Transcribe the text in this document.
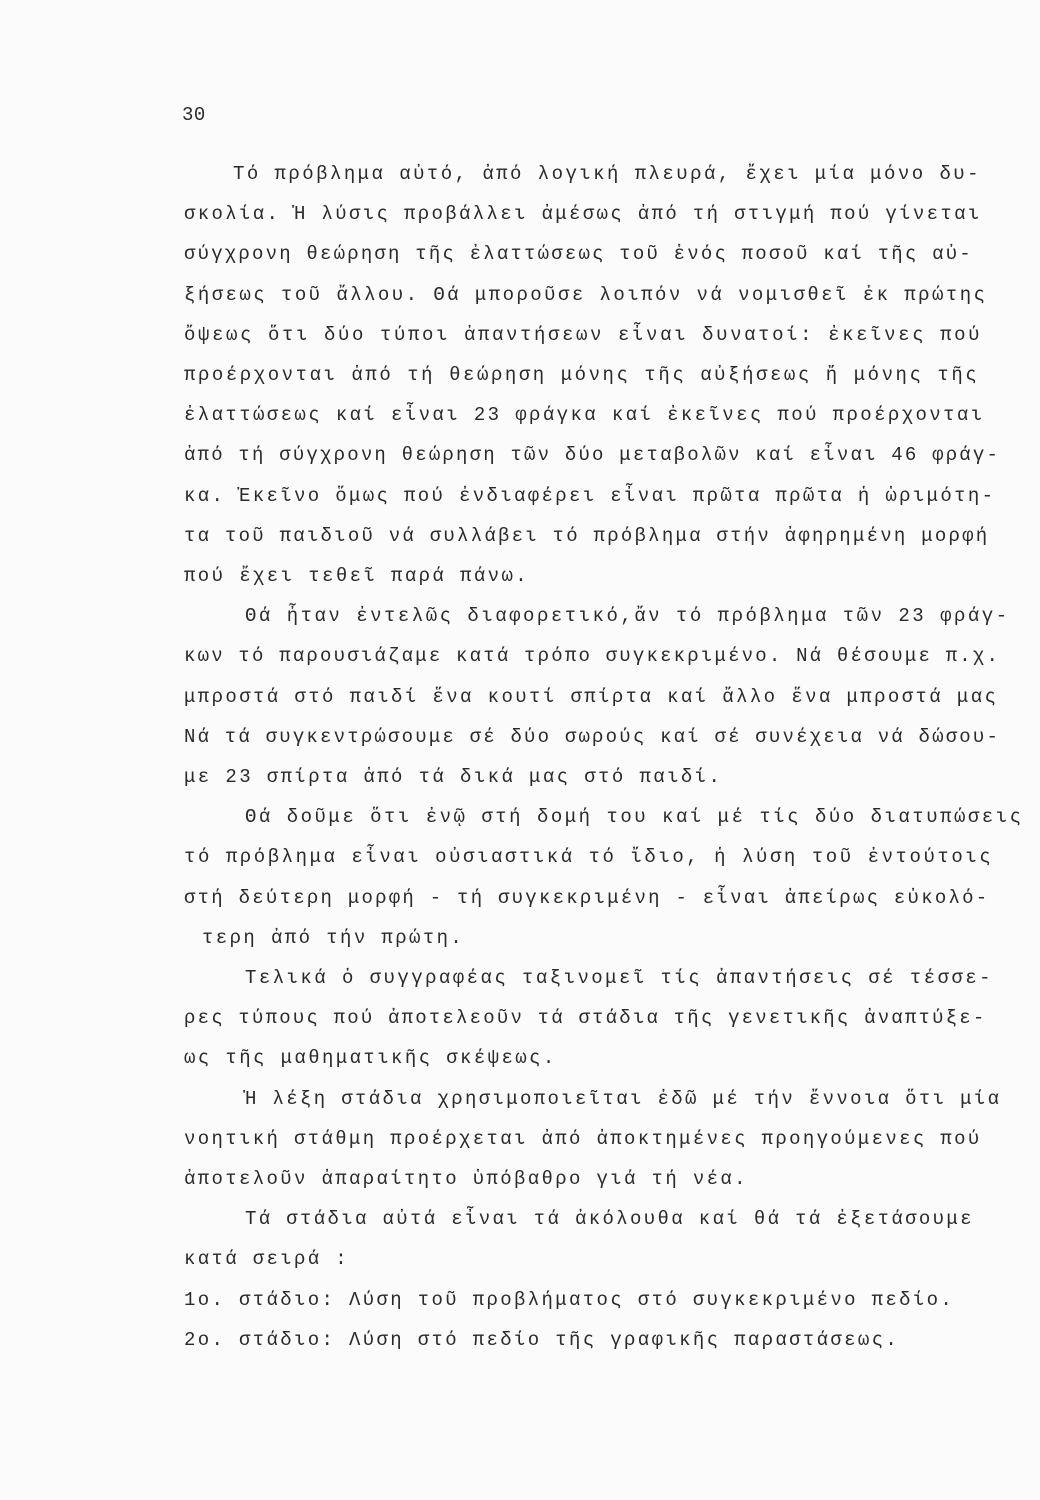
30
Τό πρόβλημα αὐτό, ἀπό λογική πλευρά, ἔχει μία μόνο δυ-
σκολία. Ἡ λύσις προβάλλει ἀμέσως ἀπό τή στιγμή πού γίνεται
σύγχρονη θεώρηση τῆς ἐλαττώσεως τοῦ ἑνός ποσοῦ καί τῆς αὐ-
ξήσεως τοῦ ἄλλου. Θά μποροῦσε λοιπόν νά νομισθεῖ ἐκ πρώτης
ὄψεως ὅτι δύο τύποι ἀπαντήσεων εἶναι δυνατοί: ἐκεῖνες πού
προέρχονται ἀπό τή θεώρηση μόνης τῆς αὐξήσεως ἤ μόνης τῆς
ἐλαττώσεως καί εἶναι 23 φράγκα καί ἐκεῖνες πού προέρχονται
ἀπό τή σύγχρονη θεώρηση τῶν δύο μεταβολῶν καί εἶναι 46 φράγ-
κα. Ἐκεῖνο ὅμως πού ἐνδιαφέρει εἶναι πρῶτα πρῶτα ἡ ὡριμότη-
τα τοῦ παιδιοῦ νά συλλάβει τό πρόβλημα στήν ἀφηρημένη μορφή
πού ἔχει τεθεῖ παρά πάνω.
Θά ἦταν ἐντελῶς διαφορετικό,ἄν τό πρόβλημα τῶν 23 φράγ-
κων τό παρουσιάζαμε κατά τρόπο συγκεκριμένο. Νά θέσουμε π.χ.
μπροστά στό παιδί ἕνα κουτί σπίρτα καί ἄλλο ἕνα μπροστά μας
Νά τά συγκεντρώσουμε σέ δύο σωρούς καί σέ συνέχεια νά δώσου-
με 23 σπίρτα ἀπό τά δικά μας στό παιδί.
Θά δοῦμε ὅτι ἐνῷ στή δομή του καί μέ τίς δύο διατυπώσεις
τό πρόβλημα εἶναι οὐσιαστικά τό ἴδιο, ἡ λύση τοῦ ἐντούτοις
στή δεύτερη μορφή - τή συγκεκριμένη - εἶναι ἀπείρως εὐκολό-
τερη ἀπό τήν πρώτη.
Τελικά ὁ συγγραφέας ταξινομεῖ τίς ἀπαντήσεις σέ τέσσε-
ρες τύπους πού ἀποτελεοῦν τά στάδια τῆς γενετικῆς ἀναπτύξε-
ως τῆς μαθηματικῆς σκέψεως.
Ἡ λέξη στάδια χρησιμοποιεῖται ἐδῶ μέ τήν ἔννοια ὅτι μία
νοητική στάθμη προέρχεται ἀπό ἀποκτημένες προηγούμενες πού
ἀποτελοῦν ἀπαραίτητο ὑπόβαθρο γιά τή νέα.
Τά στάδια αὐτά εἶναι τά ἀκόλουθα καί θά τά ἐξετάσουμε
κατά σειρά :
1ο. στάδιο: Λύση τοῦ προβλήματος στό συγκεκριμένο πεδίο.
2ο. στάδιο: Λύση στό πεδίο τῆς γραφικῆς παραστάσεως.
